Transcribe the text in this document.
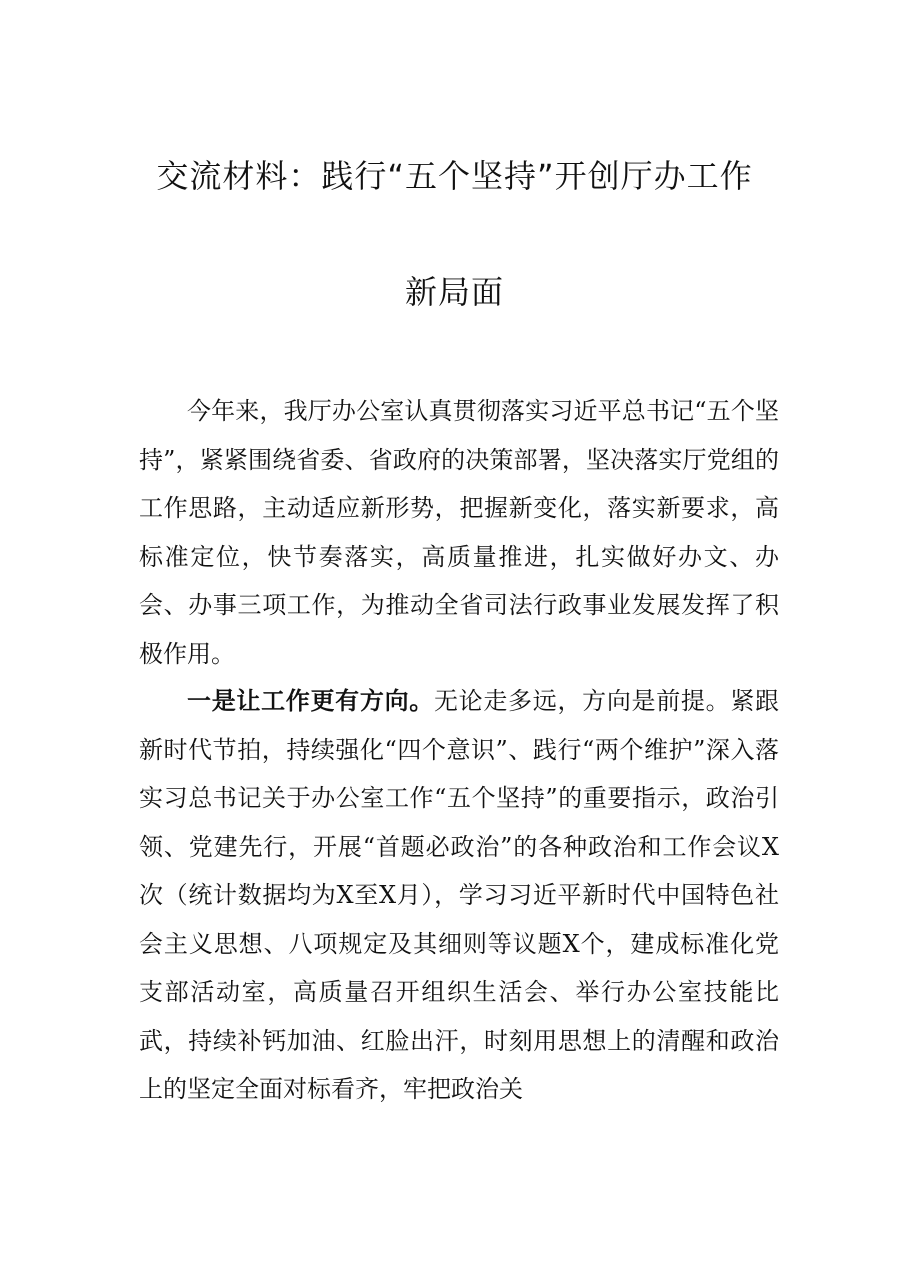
交流材料：践行“五个坚持”开创厅办工作
新局面

今年来，我厅办公室认真贯彻落实习近平总书记“五个坚持”，紧紧围绕省委、省政府的决策部署，坚决落实厅党组的工作思路，主动适应新形势，把握新变化，落实新要求，高标准定位，快节奏落实，高质量推进，扎实做好办文、办会、办事三项工作，为推动全省司法行政事业发展发挥了积极作用。

一是让工作更有方向。无论走多远，方向是前提。紧跟新时代节拍，持续强化“四个意识”、践行“两个维护”深入落实习总书记关于办公室工作“五个坚持”的重要指示，政治引领、党建先行，开展“首题必政治”的各种政治和工作会议X次（统计数据均为X至X月），学习习近平新时代中国特色社会主义思想、八项规定及其细则等议题X个，建成标准化党支部活动室，高质量召开组织生活会、举行办公室技能比武，持续补钙加油、红脸出汗，时刻用思想上的清醒和政治上的坚定全面对标看齐，牢把政治关
